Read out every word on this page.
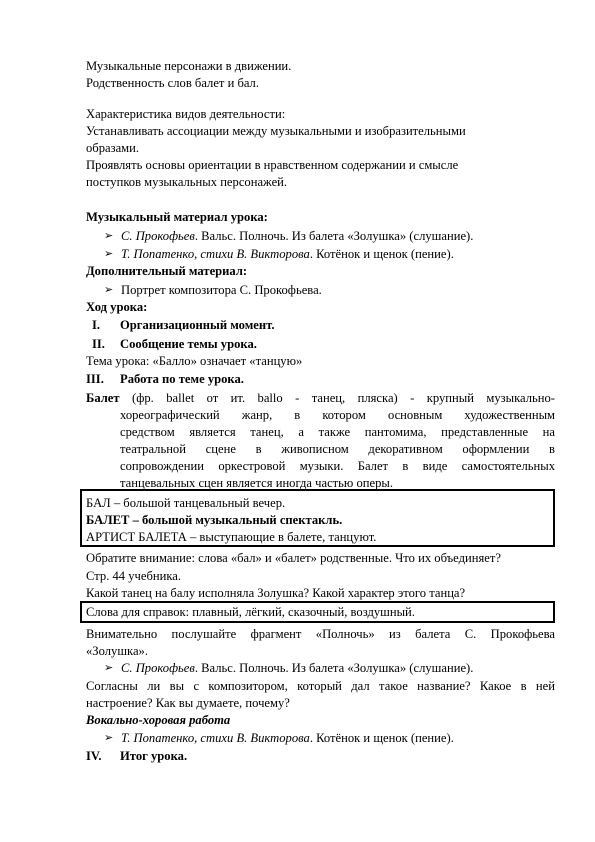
Музыкальные персонажи в движении.
Родственность слов балет и бал.
Характеристика видов деятельности:
Устанавливать ассоциации между музыкальными и изобразительными
образами.
Проявлять основы ориентации в нравственном содержании и смысле
поступков музыкальных персонажей.
Музыкальный материал урока:
➢ С. Прокофьев. Вальс. Полночь. Из балета «Золушка» (слушание).
➢ Т. Попатенко, стихи В. Викторова. Котёнок и щенок (пение).
Дополнительный материал:
➢ Портрет композитора С. Прокофьева.
Ход урока:
I. Организационный момент.
II. Сообщение темы урока.
Тема урока: «Балло» означает «танцую»
III. Работа по теме урока.
Балет (фр. ballet от ит. ballo - танец, пляска) - крупный музыкально-
хореографический жанр, в котором основным художественным
средством является танец, а также пантомима, представленные на
театральной сцене в живописном декоративном оформлении в
сопровождении оркестровой музыки. Балет в виде самостоятельных
танцевальных сцен является иногда частью оперы.
БАЛ – большой танцевальный вечер.
БАЛЕТ – большой музыкальный спектакль.
АРТИСТ БАЛЕТА – выступающие в балете, танцуют.
Обратите внимание: слова «бал» и «балет» родственные. Что их объединяет?
Стр. 44 учебника.
Какой танец на балу исполняла Золушка? Какой характер этого танца?
Слова для справок: плавный, лёгкий, сказочный, воздушный.
Внимательно послушайте фрагмент «Полночь» из балета С. Прокофьева
«Золушка».
➢ С. Прокофьев. Вальс. Полночь. Из балета «Золушка» (слушание).
Согласны ли вы с композитором, который дал такое название? Какое в ней
настроение? Как вы думаете, почему?
Вокально-хоровая работа
➢ Т. Попатенко, стихи В. Викторова. Котёнок и щенок (пение).
IV. Итог урока.
